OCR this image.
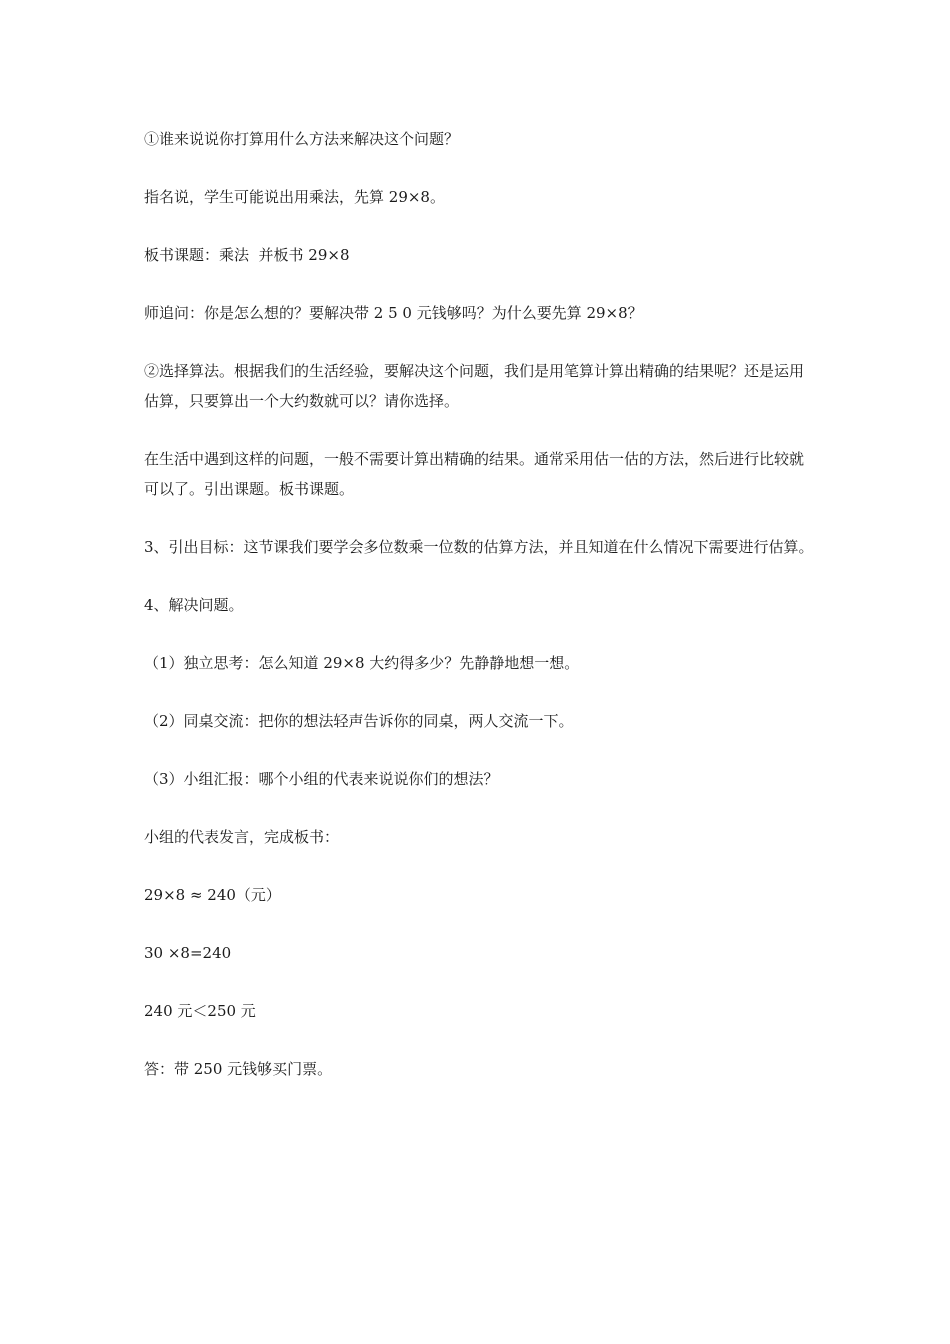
①谁来说说你打算用什么方法来解决这个问题？

指名说，学生可能说出用乘法，先算 29×8。

板书课题：乘法  并板书 29×8

师追问：你是怎么想的？要解决带 2 5 0 元钱够吗？为什么要先算 29×8？

②选择算法。根据我们的生活经验，要解决这个问题，我们是用笔算计算出精确的结果呢？还是运用估算，只要算出一个大约数就可以？请你选择。

在生活中遇到这样的问题，一般不需要计算出精确的结果。通常采用估一估的方法，然后进行比较就可以了。引出课题。板书课题。

3、引出目标：这节课我们要学会多位数乘一位数的估算方法，并且知道在什么情况下需要进行估算。

4、解决问题。

（1）独立思考：怎么知道 29×8 大约得多少？先静静地想一想。

（2）同桌交流：把你的想法轻声告诉你的同桌，两人交流一下。

（3）小组汇报：哪个小组的代表来说说你们的想法？

小组的代表发言，完成板书：

29×8 ≈ 240（元）

30 ×8=240

240 元＜250 元

答：带 250 元钱够买门票。
